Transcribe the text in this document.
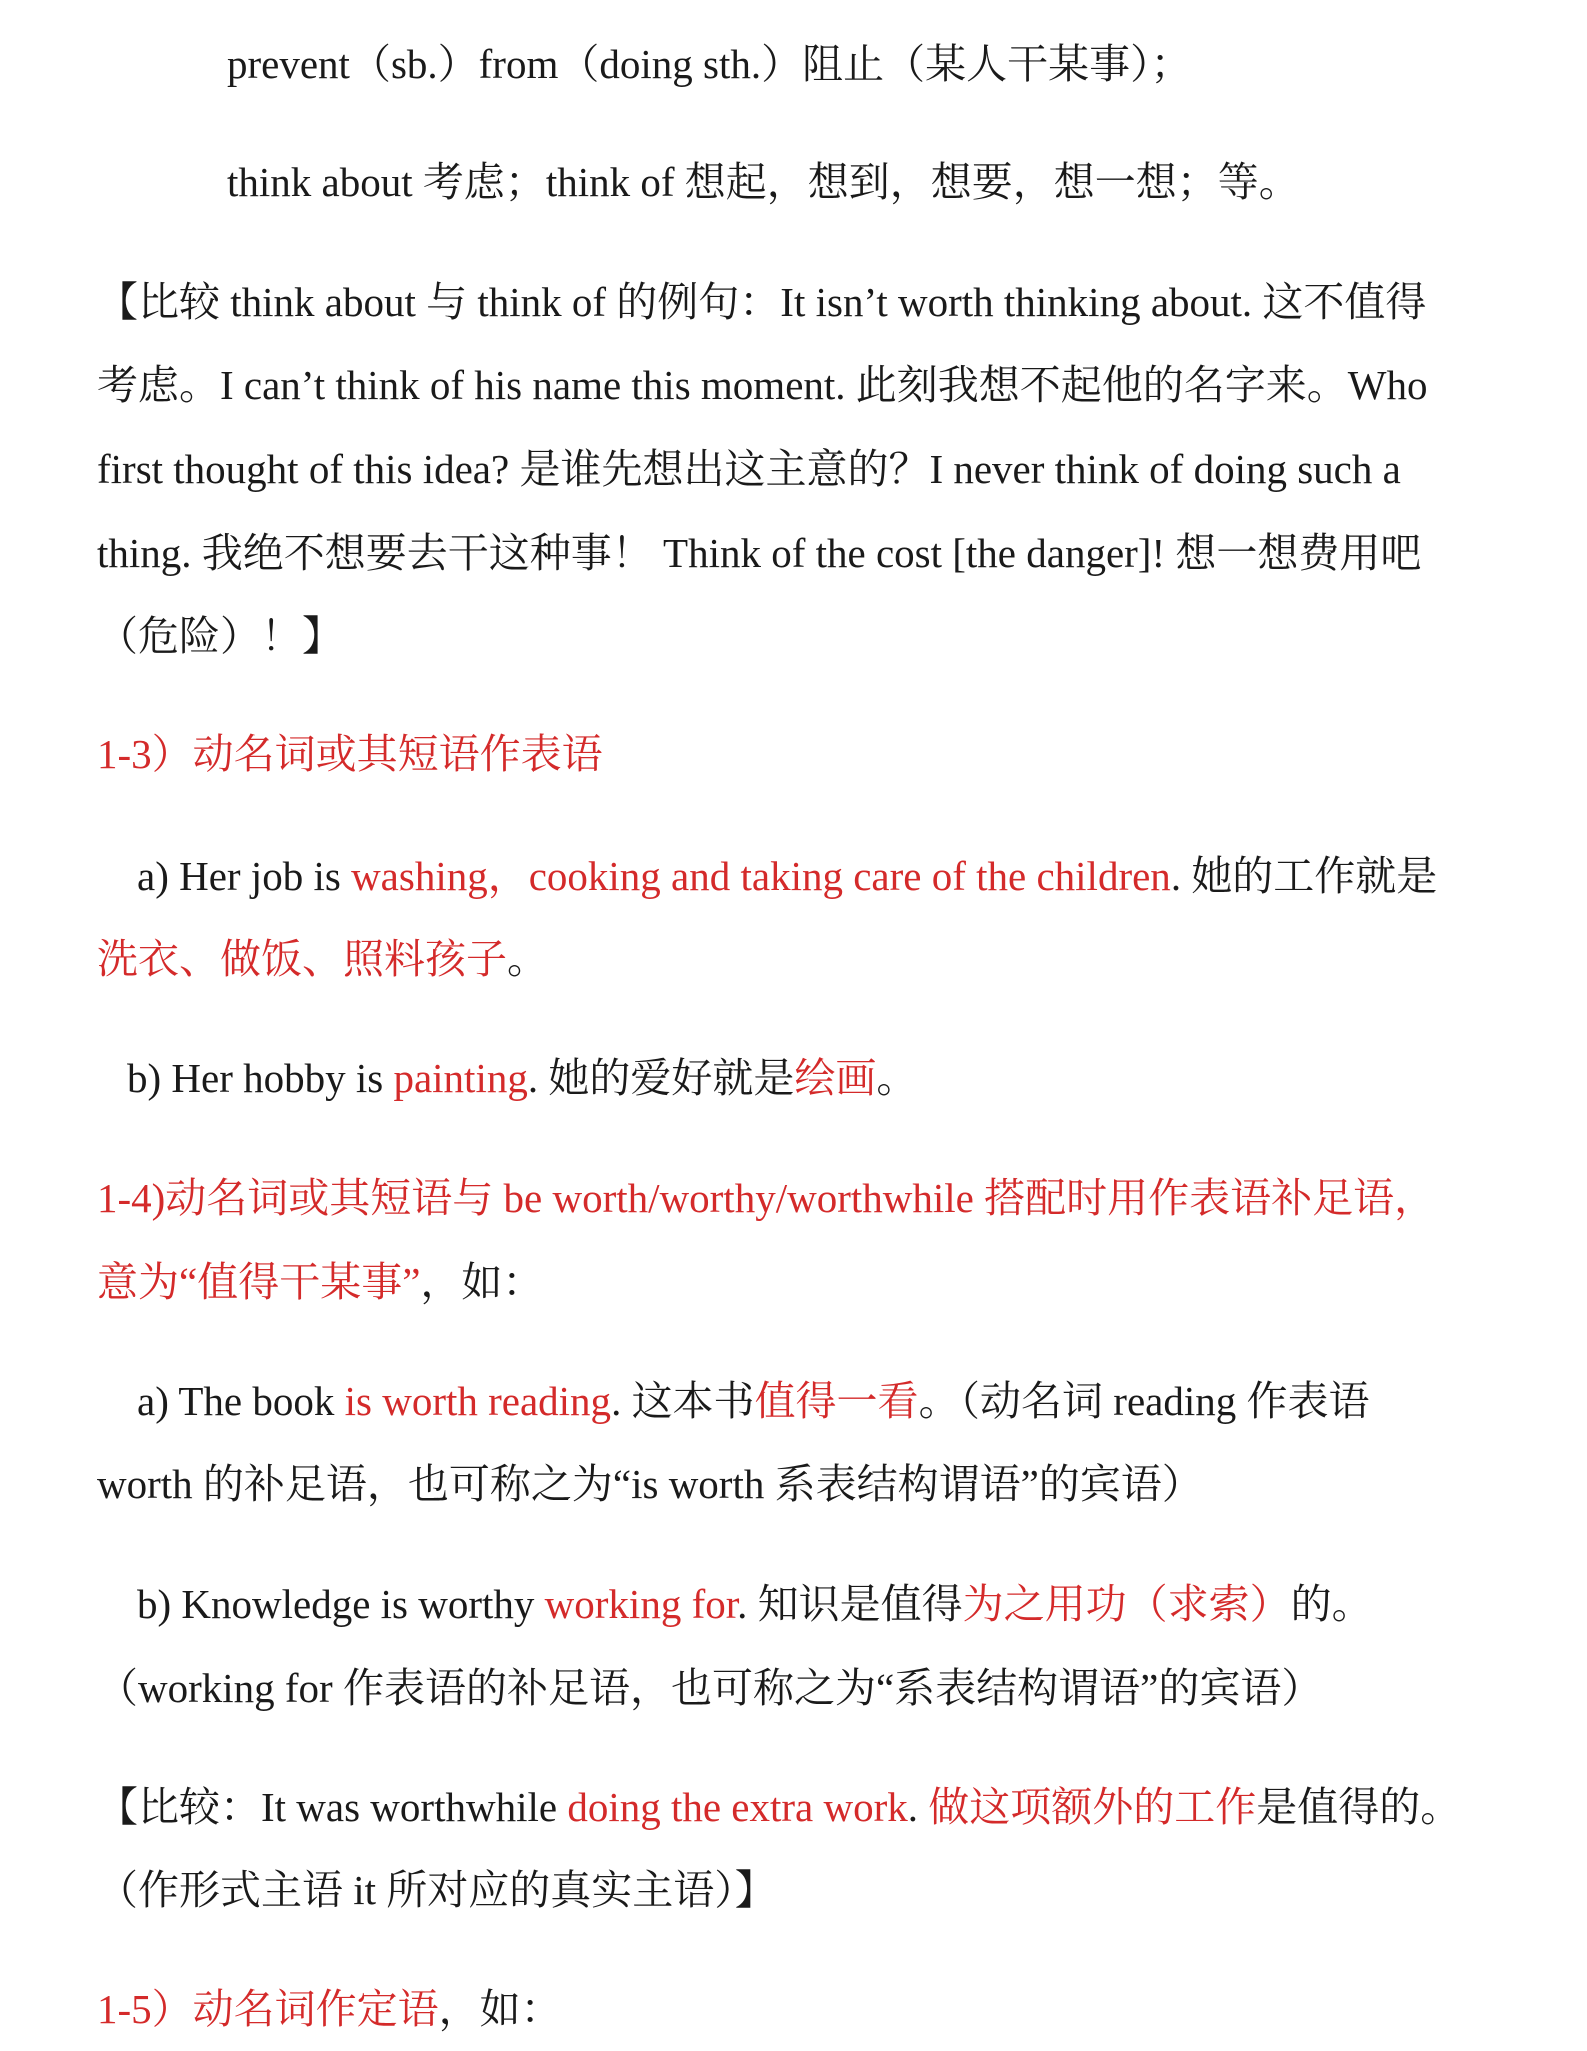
prevent（sb.）from（doing sth.）阻止（某人干某事）；
think about 考虑；think of 想起，想到，想要，想一想；等。
【比较 think about 与 think of 的例句：It isn’t worth thinking about. 这不值得
考虑。I can’t think of his name this moment. 此刻我想不起他的名字来。Who
first thought of this idea? 是谁先想出这主意的？I never think of doing such a
thing. 我绝不想要去干这种事！ Think of the cost [the danger]! 想一想费用吧
（危险）！】
1-3）动名词或其短语作表语
a) Her job is washing，cooking and taking care of the children. 她的工作就是
洗衣、做饭、照料孩子。
b) Her hobby is painting. 她的爱好就是绘画。
1-4)动名词或其短语与 be worth/worthy/worthwhile 搭配时用作表语补足语，
意为“值得干某事”，如：
a) The book is worth reading. 这本书值得一看。（动名词 reading 作表语
worth 的补足语，也可称之为“is worth 系表结构谓语”的宾语）
b) Knowledge is worthy working for. 知识是值得为之用功（求索）的。
（working for 作表语的补足语，也可称之为“系表结构谓语”的宾语）
【比较：It was worthwhile doing the extra work. 做这项额外的工作是值得的。
（作形式主语 it 所对应的真实主语）】
1-5）动名词作定语，如：
